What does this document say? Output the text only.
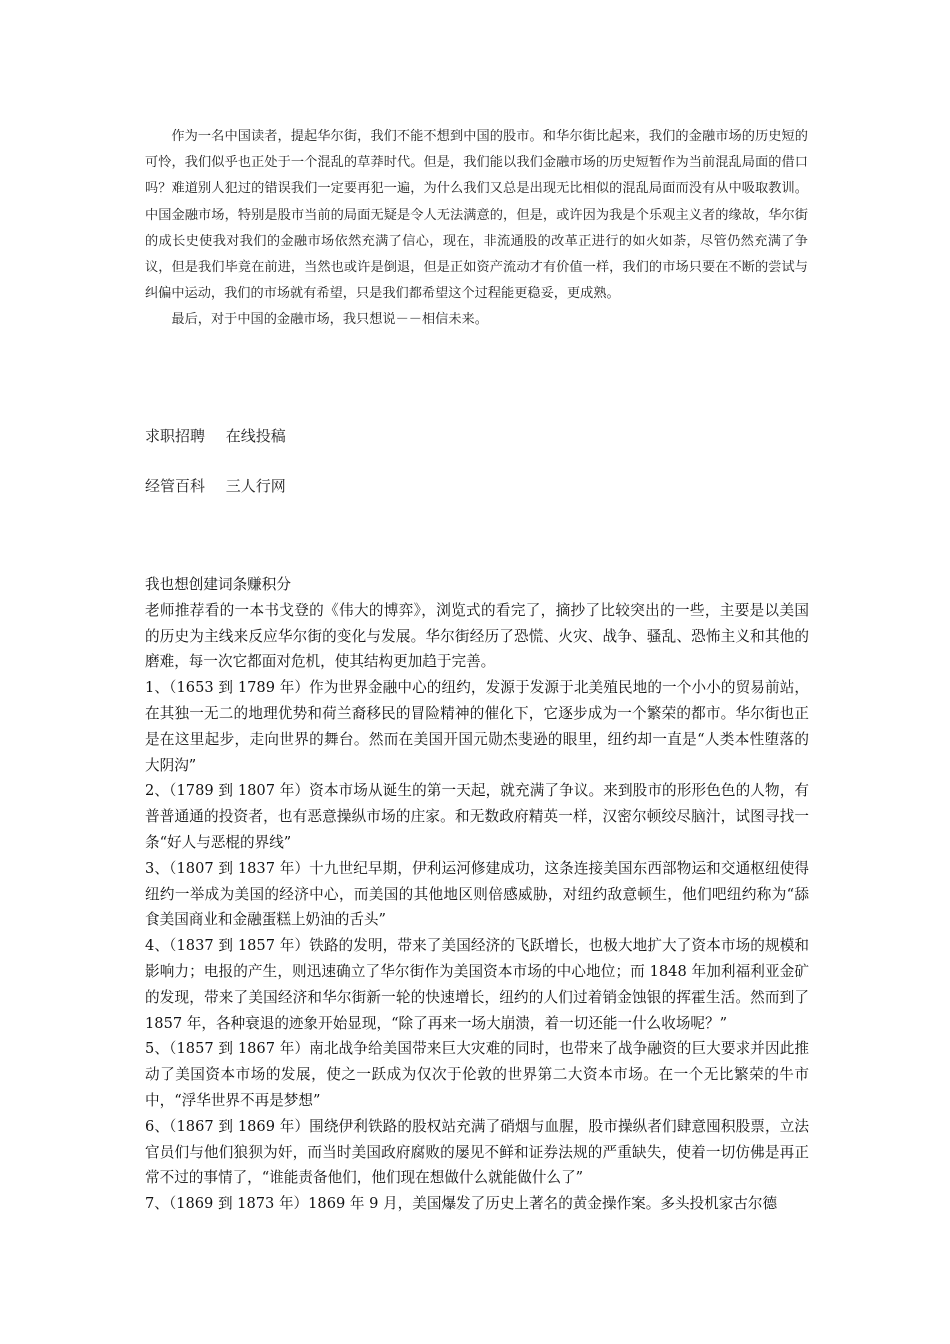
作为一名中国读者，提起华尔街，我们不能不想到中国的股市。和华尔街比起来，我们的金融市场的历史短的可怜，我们似乎也正处于一个混乱的草莽时代。但是，我们能以我们金融市场的历史短暂作为当前混乱局面的借口吗？难道别人犯过的错误我们一定要再犯一遍，为什么我们又总是出现无比相似的混乱局面而没有从中吸取教训。中国金融市场，特别是股市当前的局面无疑是令人无法满意的，但是，或许因为我是个乐观主义者的缘故，华尔街的成长史使我对我们的金融市场依然充满了信心，现在，非流通股的改革正进行的如火如荼，尽管仍然充满了争议，但是我们毕竟在前进，当然也或许是倒退，但是正如资产流动才有价值一样，我们的市场只要在不断的尝试与纠偏中运动，我们的市场就有希望，只是我们都希望这个过程能更稳妥，更成熟。

最后，对于中国的金融市场，我只想说－－相信未来。

求职招聘 在线投稿
经管百科 三人行网

我也想创建词条赚积分

老师推荐看的一本书戈登的《伟大的博弈》，浏览式的看完了，摘抄了比较突出的一些，主要是以美国的历史为主线来反应华尔街的变化与发展。华尔街经历了恐慌、火灾、战争、骚乱、恐怖主义和其他的磨难，每一次它都面对危机，使其结构更加趋于完善。

1、（1653 到 1789 年）作为世界金融中心的纽约，发源于发源于北美殖民地的一个小小的贸易前站，在其独一无二的地理优势和荷兰裔移民的冒险精神的催化下，它逐步成为一个繁荣的都市。华尔街也正是在这里起步，走向世界的舞台。然而在美国开国元勋杰斐逊的眼里，纽约却一直是“人类本性堕落的大阴沟”

2、（1789 到 1807 年）资本市场从诞生的第一天起，就充满了争议。来到股市的形形色色的人物，有普普通通的投资者，也有恶意操纵市场的庄家。和无数政府精英一样，汉密尔顿绞尽脑汁，试图寻找一条“好人与恶棍的界线”

3、（1807 到 1837 年）十九世纪早期，伊利运河修建成功，这条连接美国东西部物运和交通枢纽使得纽约一举成为美国的经济中心，而美国的其他地区则倍感威胁，对纽约敌意顿生，他们吧纽约称为“舔食美国商业和金融蛋糕上奶油的舌头”

4、（1837 到 1857 年）铁路的发明，带来了美国经济的飞跃增长，也极大地扩大了资本市场的规模和影响力；电报的产生，则迅速确立了华尔街作为美国资本市场的中心地位；而 1848 年加利福利亚金矿的发现，带来了美国经济和华尔街新一轮的快速增长，纽约的人们过着销金蚀银的挥霍生活。然而到了 1857 年，各种衰退的迹象开始显现，“除了再来一场大崩溃，着一切还能一什么收场呢？”

5、（1857 到 1867 年）南北战争给美国带来巨大灾难的同时，也带来了战争融资的巨大要求并因此推动了美国资本市场的发展，使之一跃成为仅次于伦敦的世界第二大资本市场。在一个无比繁荣的牛市中，“浮华世界不再是梦想”

6、（1867 到 1869 年）围绕伊利铁路的股权站充满了硝烟与血腥，股市操纵者们肆意囤积股票，立法官员们与他们狼狈为奸，而当时美国政府腐败的屡见不鲜和证券法规的严重缺失，使着一切仿佛是再正常不过的事情了，“谁能责备他们，他们现在想做什么就能做什么了”

7、（1869 到 1873 年）1869 年 9 月，美国爆发了历史上著名的黄金操作案。多头投机家古尔德
